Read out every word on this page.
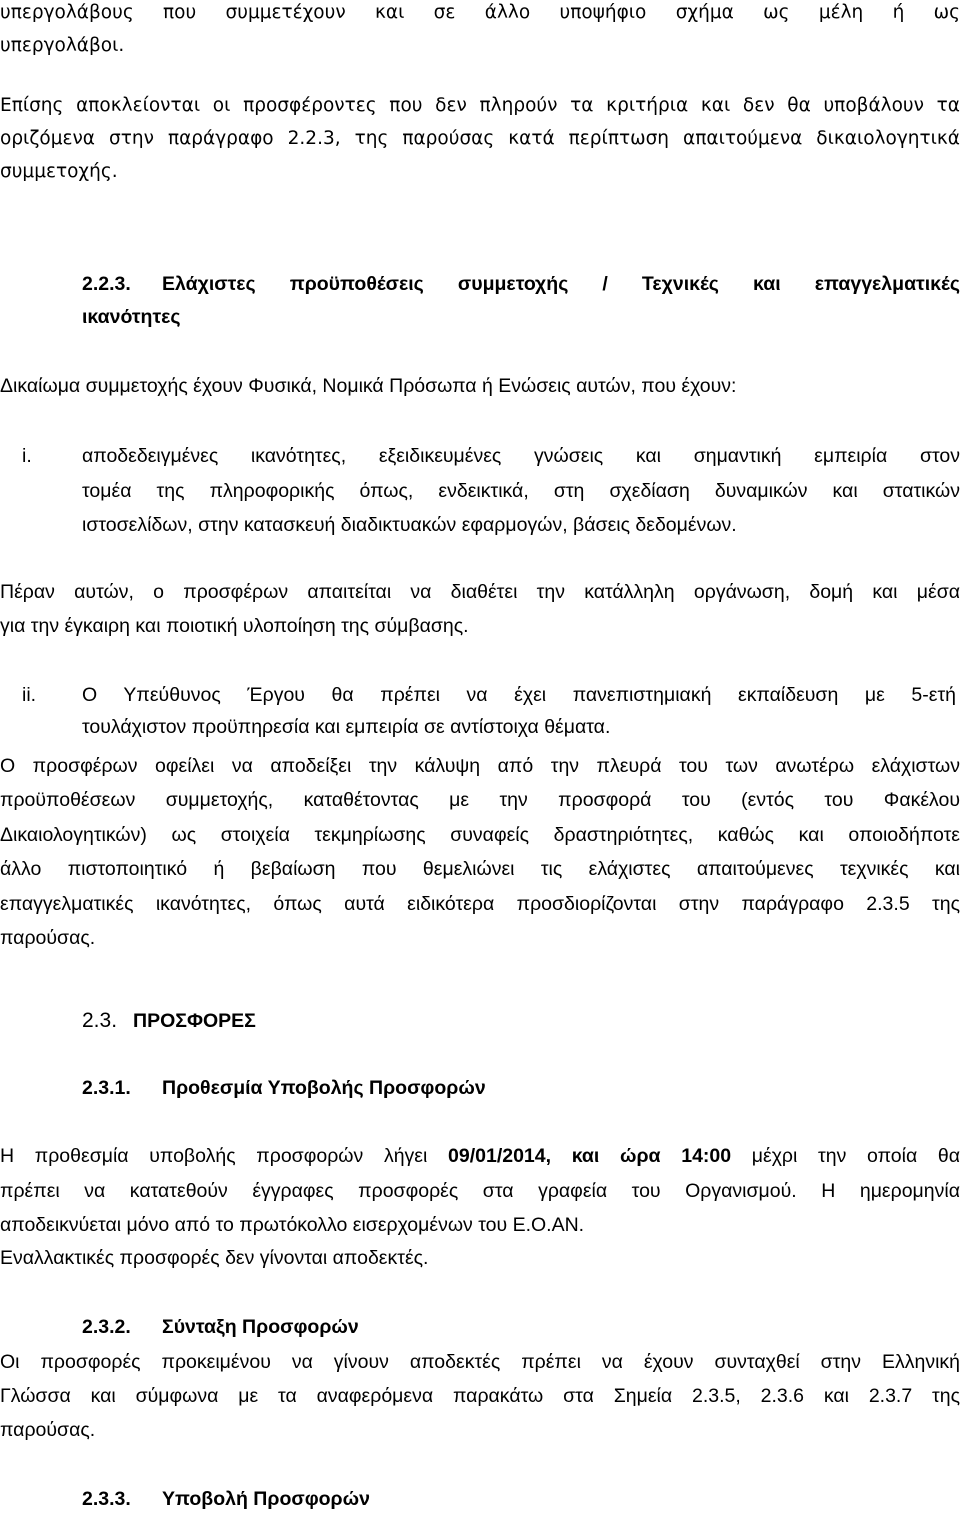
υπεργολάβους που συμμετέχουν και σε άλλο υποψήφιο σχήμα ως μέλη ή ως

υπεργολάβοι.

Επίσης αποκλείονται οι προσφέροντες που δεν πληρούν τα κριτήρια και δεν θα υποβάλουν τα

οριζόμενα στην παράγραφο 2.2.3, της παρούσας κατά περίπτωση απαιτούμενα δικαιολογητικά

συμμετοχής.

2.2.3.	Ελάχιστες προϋποθέσεις συμμετοχής / Τεχνικές και επαγγελματικές

ικανότητες

Δικαίωμα συμμετοχής έχουν Φυσικά, Νομικά Πρόσωπα ή Ενώσεις αυτών, που έχουν:

i.	αποδεδειγμένες ικανότητες, εξειδικευμένες γνώσεις και σημαντική εμπειρία στον

τομέα της πληροφορικής όπως, ενδεικτικά, στη σχεδίαση δυναμικών και στατικών

ιστοσελίδων, στην κατασκευή διαδικτυακών εφαρμογών, βάσεις δεδομένων.

Πέραν αυτών, ο προσφέρων απαιτείται να διαθέτει την κατάλληλη οργάνωση, δομή και μέσα

για την έγκαιρη και ποιοτική υλοποίηση της σύμβασης.

ii. Ο Υπεύθυνος Έργου θα πρέπει να έχει πανεπιστημιακή εκπαίδευση με 5-ετή

τουλάχιστον προϋπηρεσία και εμπειρία σε αντίστοιχα θέματα.

Ο προσφέρων οφείλει να αποδείξει την κάλυψη από την πλευρά του των ανωτέρω ελάχιστων

προϋποθέσεων συμμετοχής, καταθέτοντας με την προσφορά του (εντός του Φακέλου

Δικαιολογητικών) ως στοιχεία τεκμηρίωσης συναφείς δραστηριότητες, καθώς και οποιοδήποτε

άλλο πιστοποιητικό ή βεβαίωση που θεμελιώνει τις ελάχιστες απαιτούμενες τεχνικές και

επαγγελματικές ικανότητες, όπως αυτά ειδικότερα προσδιορίζονται στην παράγραφο 2.3.5 της

παρούσας.

2.3. ΠΡΟΣΦΟΡΕΣ

2.3.1.	Προθεσμία Υποβολής Προσφορών

Η προθεσμία υποβολής προσφορών λήγει 09/01/2014, και ώρα 14:00 μέχρι την οποία θα

πρέπει να κατατεθούν έγγραφες προσφορές στα γραφεία του Οργανισμού. Η ημερομηνία

αποδεικνύεται μόνο από το πρωτόκολλο εισερχομένων του Ε.Ο.ΑΝ.

Εναλλακτικές προσφορές δεν γίνονται αποδεκτές.

2.3.2.	Σύνταξη Προσφορών

Οι προσφορές προκειμένου να γίνουν αποδεκτές πρέπει να έχουν συνταχθεί στην Ελληνική

Γλώσσα και σύμφωνα με τα αναφερόμενα παρακάτω στα Σημεία 2.3.5, 2.3.6 και 2.3.7 της

παρούσας.

2.3.3.	Υποβολή Προσφορών
